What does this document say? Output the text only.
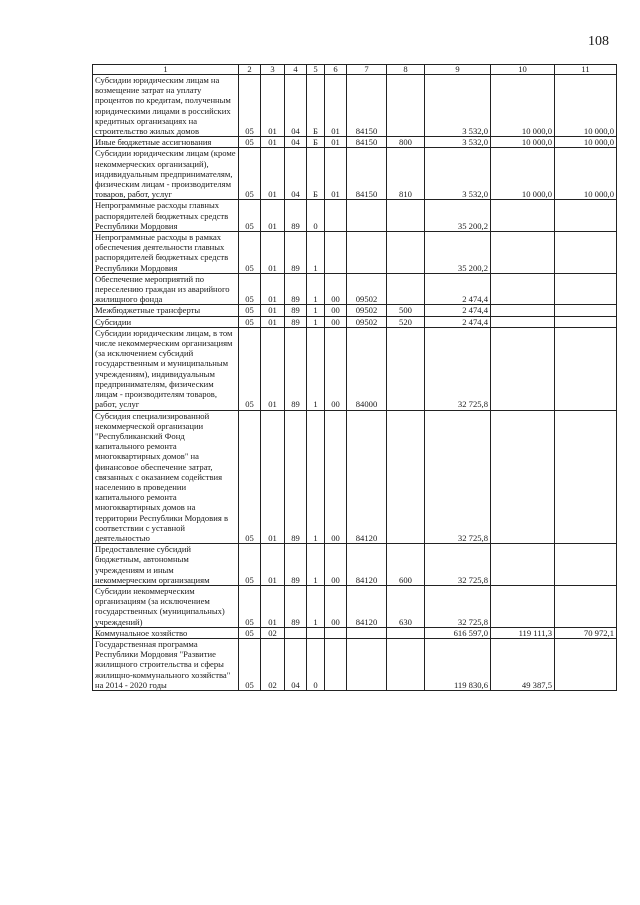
108
1	2	3	4	5	6	7	8	9	10	11
Субсидии юридическим лицам на возмещение затрат на уплату процентов по кредитам, полученным юридическими лицами в российских кредитных организациях на строительство жилых домов	05	01	04	Б	01	84150		3 532,0	10 000,0	10 000,0
Иные бюджетные ассигнования	05	01	04	Б	01	84150	800	3 532,0	10 000,0	10 000,0
Субсидии юридическим лицам (кроме некоммерческих организаций), индивидуальным предпринимателям, физическим лицам - производителям товаров, работ, услуг	05	01	04	Б	01	84150	810	3 532,0	10 000,0	10 000,0
Непрограммные расходы главных распорядителей бюджетных средств Республики Мордовия	05	01	89	0				35 200,2		
Непрограммные расходы в рамках обеспечения деятельности главных распорядителей бюджетных средств Республики Мордовия	05	01	89	1				35 200,2		
Обеспечение мероприятий по переселению граждан из аварийного жилищного фонда	05	01	89	1	00	09502		2 474,4		
Межбюджетные трансферты	05	01	89	1	00	09502	500	2 474,4		
Субсидии	05	01	89	1	00	09502	520	2 474,4		
Субсидии юридическим лицам, в том числе некоммерческим организациям (за исключением субсидий государственным и муниципальным учреждениям), индивидуальным предпринимателям, физическим лицам - производителям товаров, работ, услуг	05	01	89	1	00	84000		32 725,8		
Субсидия специализированной некоммерческой организации "Республиканский Фонд капитального ремонта многоквартирных домов" на финансовое обеспечение затрат, связанных с оказанием содействия населению в проведении капитального ремонта многоквартирных домов на территории Республики Мордовия в соответствии с уставной деятельностью	05	01	89	1	00	84120		32 725,8		
Предоставление субсидий бюджетным, автономным учреждениям и иным некоммерческим организациям	05	01	89	1	00	84120	600	32 725,8		
Субсидии некоммерческим организациям (за исключением государственных (муниципальных) учреждений)	05	01	89	1	00	84120	630	32 725,8		
Коммунальное хозяйство	05	02						616 597,0	119 111,3	70 972,1
Государственная программа Республики Мордовия "Развитие жилищного строительства и сферы жилищно-коммунального хозяйства" на 2014 - 2020 годы	05	02	04	0				119 830,6	49 387,5	
